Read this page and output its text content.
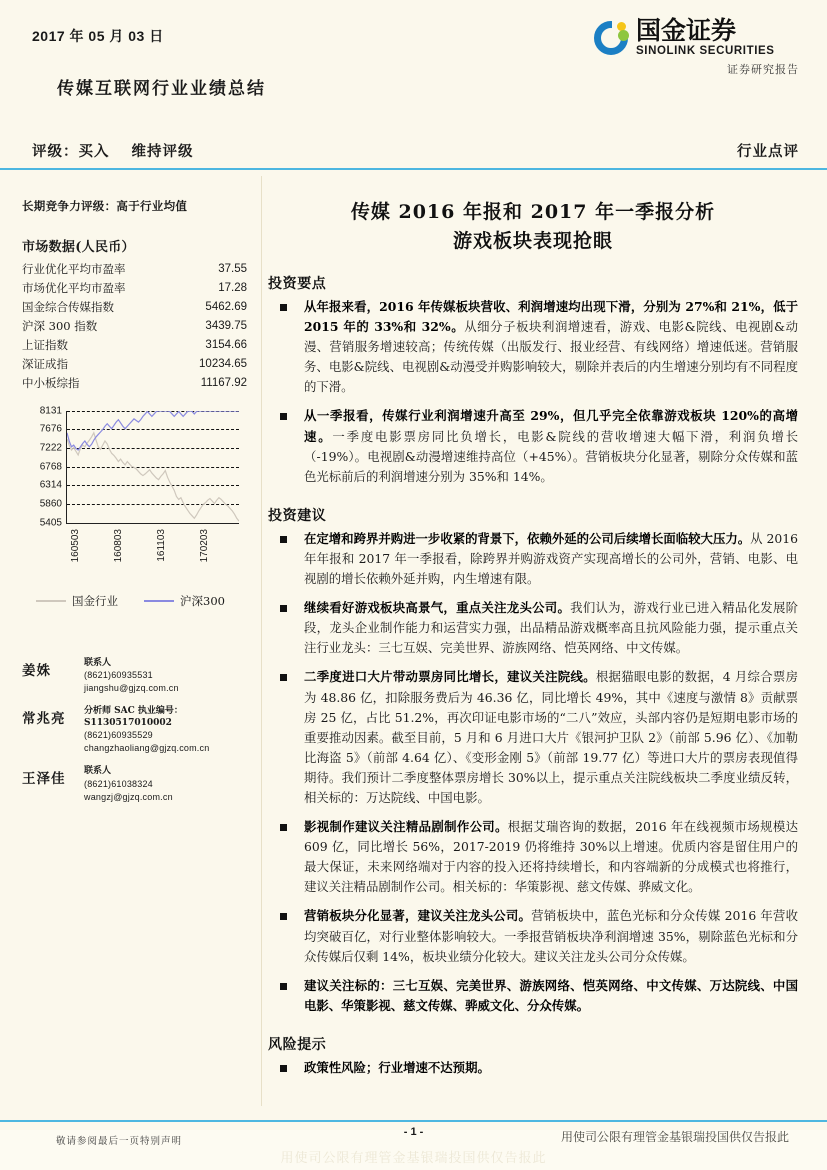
2017 年 05 月 03 日
传媒互联网行业业绩总结
国金证券
SINOLINK SECURITIES
证券研究报告
评级：买入 维持评级	行业点评
长期竞争力评级：高于行业均值
市场数据(人民币）
行业优化平均市盈率	37.55
市场优化平均市盈率	17.28
国金综合传媒指数	5462.69
沪深 300 指数	3439.75
上证指数	3154.66
深证成指	10234.65
中小板综指	11167.92
5405
5860
6314
6768
7222
7676
8131
160503	160803	161103	170203
国金行业	沪深300
姜姝	联系人
(8621)60935531
jiangshu@gjzq.com.cn
常兆亮	分析师 SAC 执业编号：S1130517010002
(8621)60935529
changzhaoliang@gjzq.com.cn
王泽佳	联系人
(8621)61038324
wangzj@gjzq.com.cn
传媒 2016 年报和 2017 年一季报分析
游戏板块表现抢眼
投资要点
从年报来看，2016 年传媒板块营收、利润增速均出现下滑，分别为 27%和 21%，低于 2015 年的 33%和 32%。从细分子板块利润增速看，游戏、电影&院线、电视剧&动漫、营销服务增速较高；传统传媒（出版发行、报业经营、有线网络）增速低迷。营销服务、电影&院线、电视剧&动漫受并购影响较大，剔除并表后的内生增速分别均有不同程度的下滑。
从一季报看，传媒行业利润增速升高至 29%，但几乎完全依靠游戏板块 120%的高增速。一季度电影票房同比负增长，电影&院线的营收增速大幅下滑，利润负增长（-19%）。电视剧&动漫增速维持高位（+45%）。营销板块分化显著，剔除分众传媒和蓝色光标前后的利润增速分别为 35%和 14%。
投资建议
在定增和跨界并购进一步收紧的背景下，依赖外延的公司后续增长面临较大压力。从 2016 年年报和 2017 年一季报看，除跨界并购游戏资产实现高增长的公司外，营销、电影、电视剧的增长依赖外延并购，内生增速有限。
继续看好游戏板块高景气，重点关注龙头公司。我们认为，游戏行业已进入精品化发展阶段，龙头企业制作能力和运营实力强，出品精品游戏概率高且抗风险能力强，提示重点关注行业龙头：三七互娱、完美世界、游族网络、恺英网络、中文传媒。
二季度进口大片带动票房同比增长，建议关注院线。根据猫眼电影的数据，4 月综合票房为 48.86 亿，扣除服务费后为 46.36 亿，同比增长 49%，其中《速度与激情 8》贡献票房 25 亿，占比 51.2%，再次印证电影市场的“二八”效应，头部内容仍是短期电影市场的重要推动因素。截至目前，5 月和 6 月进口大片《银河护卫队 2》（前部 5.96 亿）、《加勒比海盗 5》（前部 4.64 亿）、《变形金刚 5》（前部 19.77 亿）等进口大片的票房表现值得期待。我们预计二季度整体票房增长 30%以上，提示重点关注院线板块二季度业绩反转，相关标的：万达院线、中国电影。
影视制作建议关注精品剧制作公司。根据艾瑞咨询的数据，2016 年在线视频市场规模达 609 亿，同比增长 56%，2017-2019 仍将维持 30%以上增速。优质内容是留住用户的最大保证，未来网络端对于内容的投入还将持续增长，和内容端新的分成模式也将推行，建议关注精品剧制作公司。相关标的：华策影视、慈文传媒、骅威文化。
营销板块分化显著，建议关注龙头公司。营销板块中，蓝色光标和分众传媒 2016 年营收均突破百亿，对行业整体影响较大。一季报营销板块净利润增速 35%，剔除蓝色光标和分众传媒后仅剩 14%，板块业绩分化较大。建议关注龙头公司分众传媒。
建议关注标的：三七互娱、完美世界、游族网络、恺英网络、中文传媒、万达院线、中国电影、华策影视、慈文传媒、骅威文化、分众传媒。
风险提示
政策性风险；行业增速不达预期。
敬请参阅最后一页特别声明
- 1 -	此报告仅供国投瑞银基金管理有限公司使用
此报告仅供国投瑞银基金管理有限公司使用
